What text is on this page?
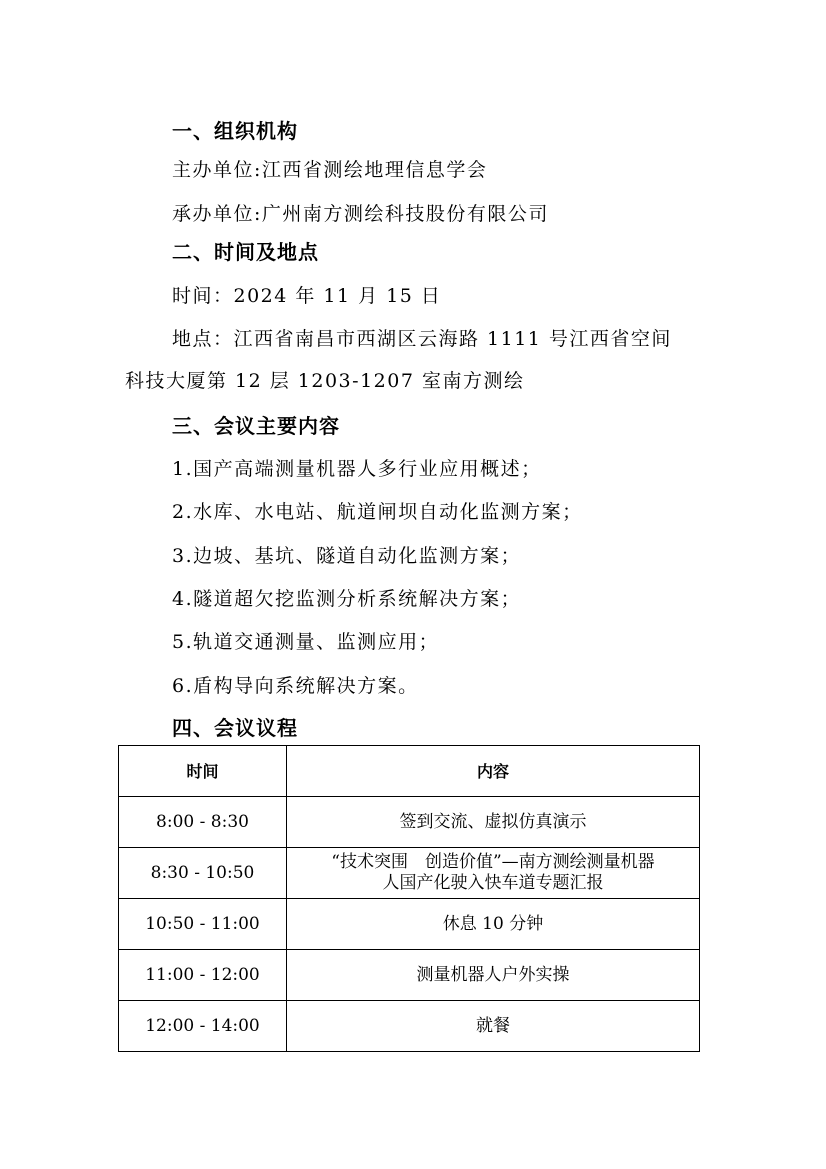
一、组织机构
主办单位:江西省测绘地理信息学会
承办单位:广州南方测绘科技股份有限公司
二、时间及地点
时间：2024 年 11 月 15 日
地点：江西省南昌市西湖区云海路 1111 号江西省空间
科技大厦第 12 层 1203-1207 室南方测绘
三、会议主要内容
1.国产高端测量机器人多行业应用概述；
2.水库、水电站、航道闸坝自动化监测方案；
3.边坡、基坑、隧道自动化监测方案；
4.隧道超欠挖监测分析系统解决方案；
5.轨道交通测量、监测应用；
6.盾构导向系统解决方案。
四、会议议程
时间	内容
8:00 - 8:30	签到交流、虚拟仿真演示
8:30 - 10:50	“技术突围　创造价值”—南方测绘测量机器
人国产化驶入快车道专题汇报

10:50 - 11:00	休息 10 分钟
11:00 - 12:00	测量机器人户外实操
12:00 - 14:00	就餐
